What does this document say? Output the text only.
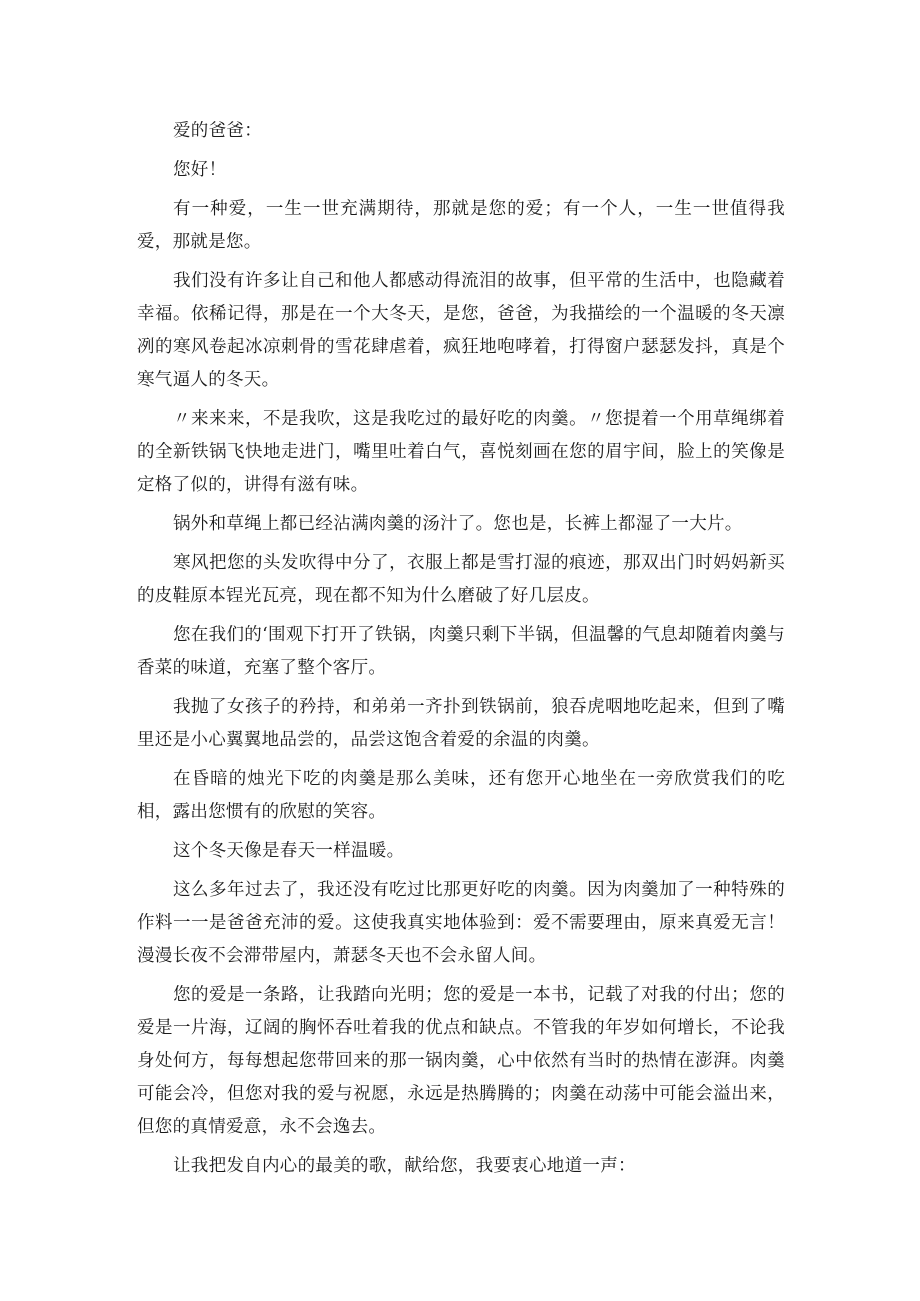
爱的爸爸：

您好！

有一种爱，一生一世充满期待，那就是您的爱；有一个人，一生一世值得我爱，那就是您。

我们没有许多让自己和他人都感动得流泪的故事，但平常的生活中，也隐藏着幸福。依稀记得，那是在一个大冬天，是您，爸爸，为我描绘的一个温暖的冬天凛冽的寒风卷起冰凉刺骨的雪花肆虐着，疯狂地咆哮着，打得窗户瑟瑟发抖，真是个寒气逼人的冬天。

〃来来来，不是我吹，这是我吃过的最好吃的肉羹。〃您提着一个用草绳绑着的全新铁锅飞快地走进门，嘴里吐着白气，喜悦刻画在您的眉宇间，脸上的笑像是定格了似的，讲得有滋有味。

锅外和草绳上都已经沾满肉羹的汤汁了。您也是，长裤上都湿了一大片。

寒风把您的头发吹得中分了，衣服上都是雪打湿的痕迹，那双出门时妈妈新买的皮鞋原本锃光瓦亮，现在都不知为什么磨破了好几层皮。

您在我们的‘围观下打开了铁锅，肉羹只剩下半锅，但温馨的气息却随着肉羹与香菜的味道，充塞了整个客厅。

我抛了女孩子的矜持，和弟弟一齐扑到铁锅前，狼吞虎咽地吃起来，但到了嘴里还是小心翼翼地品尝的，品尝这饱含着爱的余温的肉羹。

在昏暗的烛光下吃的肉羹是那么美味，还有您开心地坐在一旁欣赏我们的吃相，露出您惯有的欣慰的笑容。

这个冬天像是春天一样温暖。

这么多年过去了，我还没有吃过比那更好吃的肉羹。因为肉羹加了一种特殊的作料一一是爸爸充沛的爱。这使我真实地体验到：爱不需要理由，原来真爱无言！漫漫长夜不会滞带屋内，萧瑟冬天也不会永留人间。

您的爱是一条路，让我踏向光明；您的爱是一本书，记载了对我的付出；您的爱是一片海，辽阔的胸怀吞吐着我的优点和缺点。不管我的年岁如何增长，不论我身处何方，每每想起您带回来的那一锅肉羹，心中依然有当时的热情在澎湃。肉羹可能会冷，但您对我的爱与祝愿，永远是热腾腾的；肉羹在动荡中可能会溢出来，但您的真情爱意，永不会逸去。

让我把发自内心的最美的歌，献给您，我要衷心地道一声：
